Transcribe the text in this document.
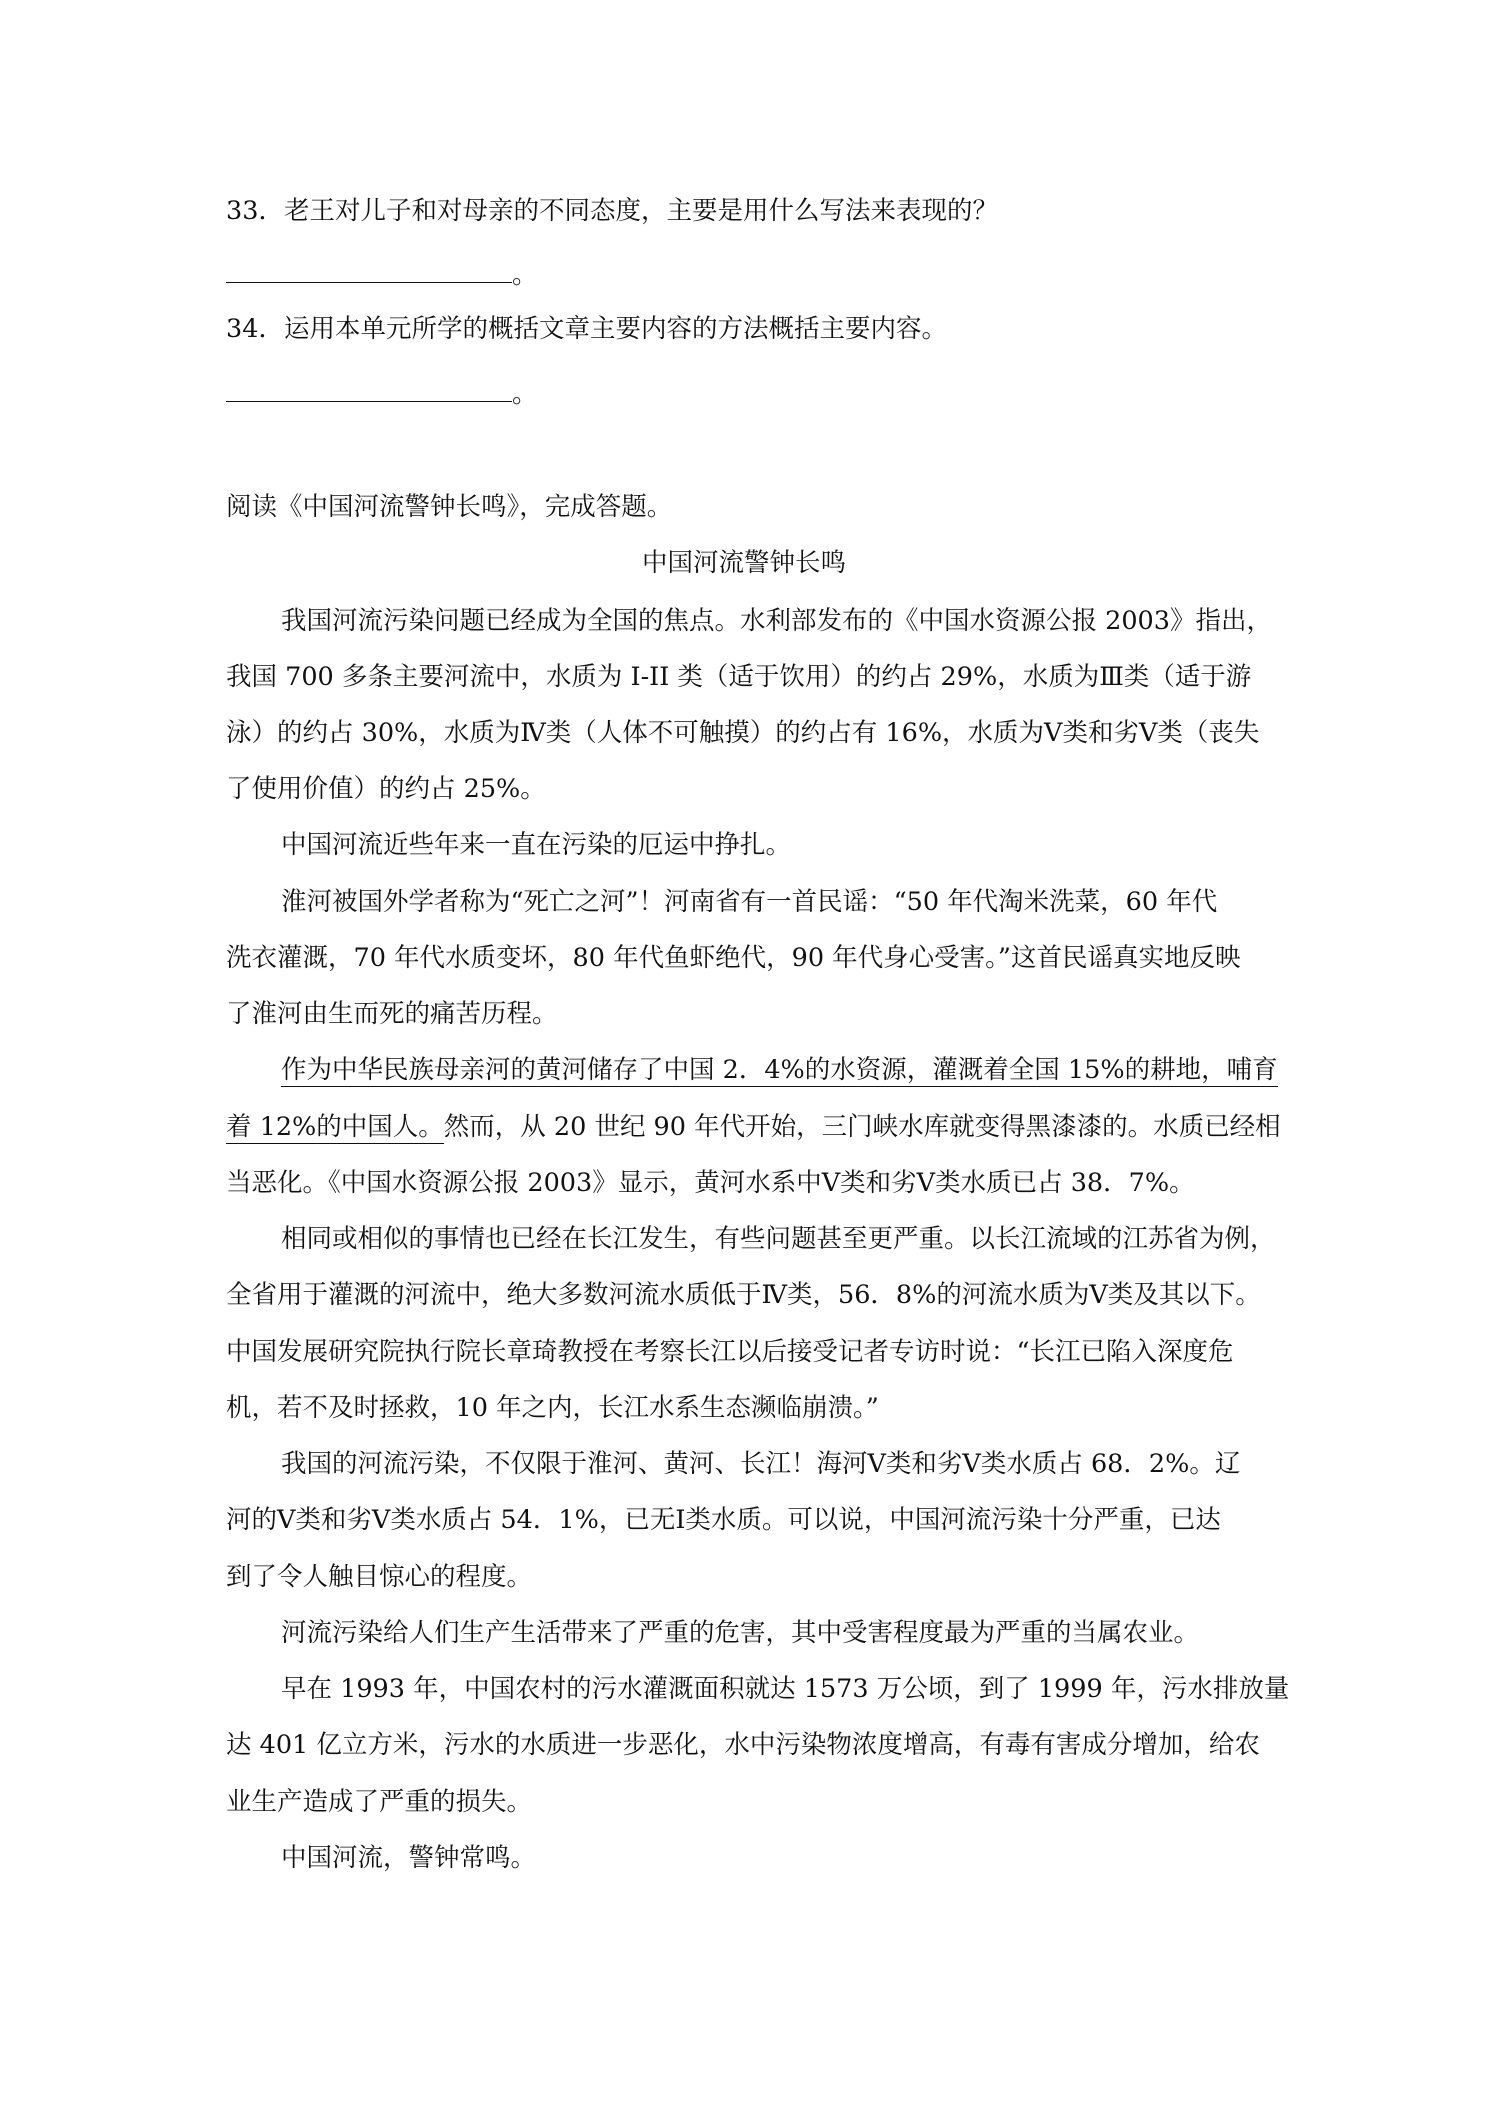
33．老王对儿子和对母亲的不同态度，主要是用什么写法来表现的？
。
34．运用本单元所学的概括文章主要内容的方法概括主要内容。
。
阅读《中国河流警钟长鸣》，完成答题。
中国河流警钟长鸣
我国河流污染问题已经成为全国的焦点。水利部发布的《中国水资源公报 2003》指出，
我国 700 多条主要河流中，水质为 I-II 类（适于饮用）的约占 29%，水质为Ⅲ类（适于游
泳）的约占 30%，水质为Ⅳ类（人体不可触摸）的约占有 16%，水质为Ⅴ类和劣Ⅴ类（丧失
了使用价值）的约占 25%。
中国河流近些年来一直在污染的厄运中挣扎。
淮河被国外学者称为“死亡之河”！河南省有一首民谣：“50 年代淘米洗菜，60 年代
洗衣灌溉，70 年代水质变坏，80 年代鱼虾绝代，90 年代身心受害。”这首民谣真实地反映
了淮河由生而死的痛苦历程。
作为中华民族母亲河的黄河储存了中国 2．4%的水资源，灌溉着全国 15%的耕地，哺育
着 12%的中国人。然而，从 20 世纪 90 年代开始，三门峡水库就变得黑漆漆的。水质已经相
当恶化。《中国水资源公报 2003》显示，黄河水系中Ⅴ类和劣Ⅴ类水质已占 38．7%。
相同或相似的事情也已经在长江发生，有些问题甚至更严重。以长江流域的江苏省为例，
全省用于灌溉的河流中，绝大多数河流水质低于Ⅳ类，56．8%的河流水质为Ⅴ类及其以下。
中国发展研究院执行院长章琦教授在考察长江以后接受记者专访时说：“长江已陷入深度危
机，若不及时拯救，10 年之内，长江水系生态濒临崩溃。”
我国的河流污染，不仅限于淮河、黄河、长江！海河Ⅴ类和劣Ⅴ类水质占 68．2%。辽
河的Ⅴ类和劣Ⅴ类水质占 54．1%，已无Ⅰ类水质。可以说，中国河流污染十分严重，已达
到了令人触目惊心的程度。
河流污染给人们生产生活带来了严重的危害，其中受害程度最为严重的当属农业。
早在 1993 年，中国农村的污水灌溉面积就达 1573 万公顷，到了 1999 年，污水排放量
达 401 亿立方米，污水的水质进一步恶化，水中污染物浓度增高，有毒有害成分增加，给农
业生产造成了严重的损失。
中国河流，警钟常鸣。
